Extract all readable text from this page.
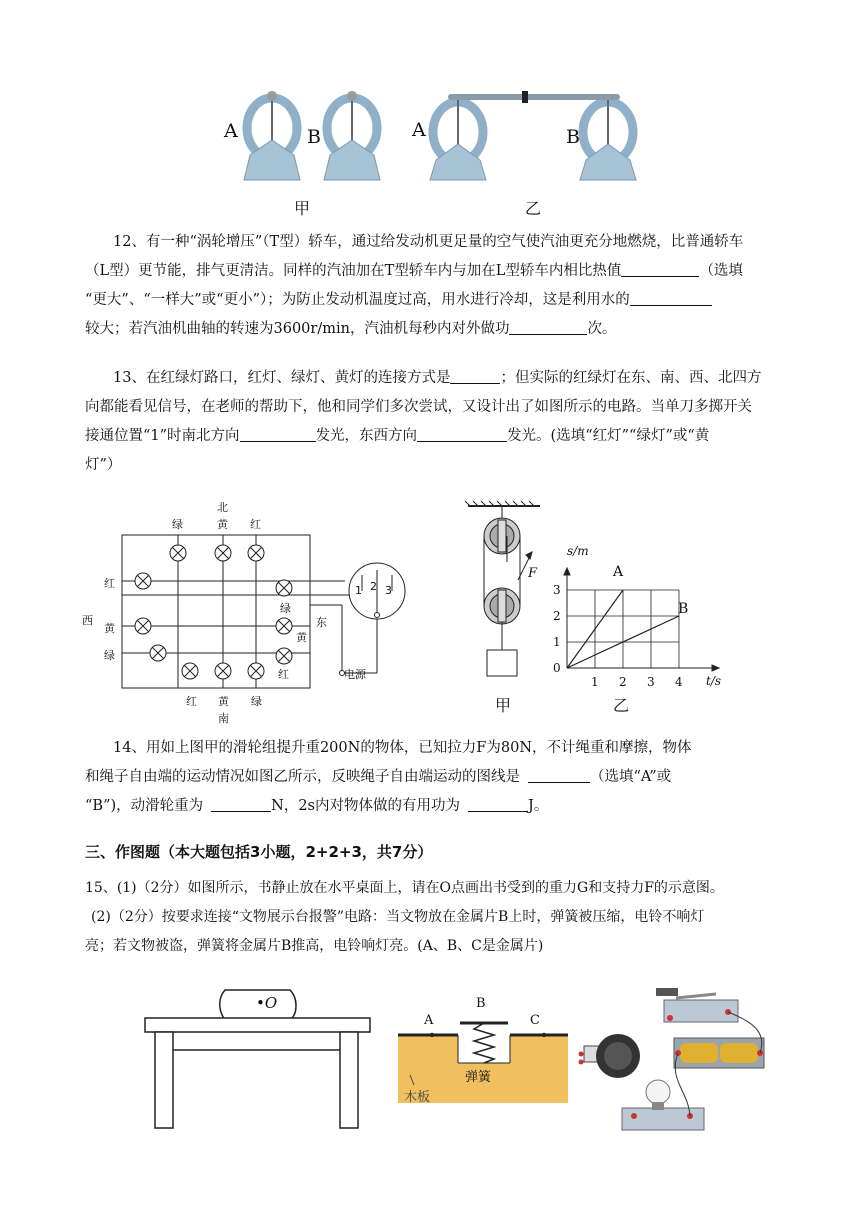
A	B	A	B
甲	乙
12、有一种“涡轮增压”（T型）轿车，通过给发动机更足量的空气使汽油更充分地燃烧，比普通轿车
（L型）更节能，排气更清洁。同样的汽油加在T型轿车内与加在L型轿车内相比热值	（选填
“更大”、“一样大”或“更小”）；为防止发动机温度过高，用水进行冷却，这是利用水的
较大；若汽油机曲轴的转速为3600r/min，汽油机每秒内对外做功	次。
13、在红绿灯路口，红灯、绿灯、黄灯的连接方式是	；但实际的红绿灯在东、南、西、北四方
向都能看见信号，在老师的帮助下，他和同学们多次尝试，又设计出了如图所示的电路。当单刀多掷开关
接通位置“1”时南北方向	发光，东西方向	发光。(选填“红灯”“绿灯”或“黄
灯”）
北
绿	黄 红
红
西
黄
绿
绿
东
黄
红	电源
红 黄 绿
南
1 2 3
F
甲
1 2 3 4
1
2
3
s/m
t/s
0
A
B
乙
14、用如上图甲的滑轮组提升重200N的物体，已知拉力F为80N，不计绳重和摩擦，物体
和绳子自由端的运动情况如图乙所示，反映绳子自由端运动的图线是	（选填“A”或
“B”)，动滑轮重为	N，2s内对物体做的有用功为	J。
三、作图题（本大题包括3小题，2+2+3，共7分）
15、(1)（2分）如图所示，书静止放在水平桌面上，请在O点画出书受到的重力G和支持力F的示意图。
(2)（2分）按要求连接“文物展示台报警”电路：当文物放在金属片B上时，弹簧被压缩，电铃不响灯
亮；若文物被盗，弹簧将金属片B推高，电铃响灯亮。(A、B、C是金属片)
•O
A
B
C
弹簧
木板
